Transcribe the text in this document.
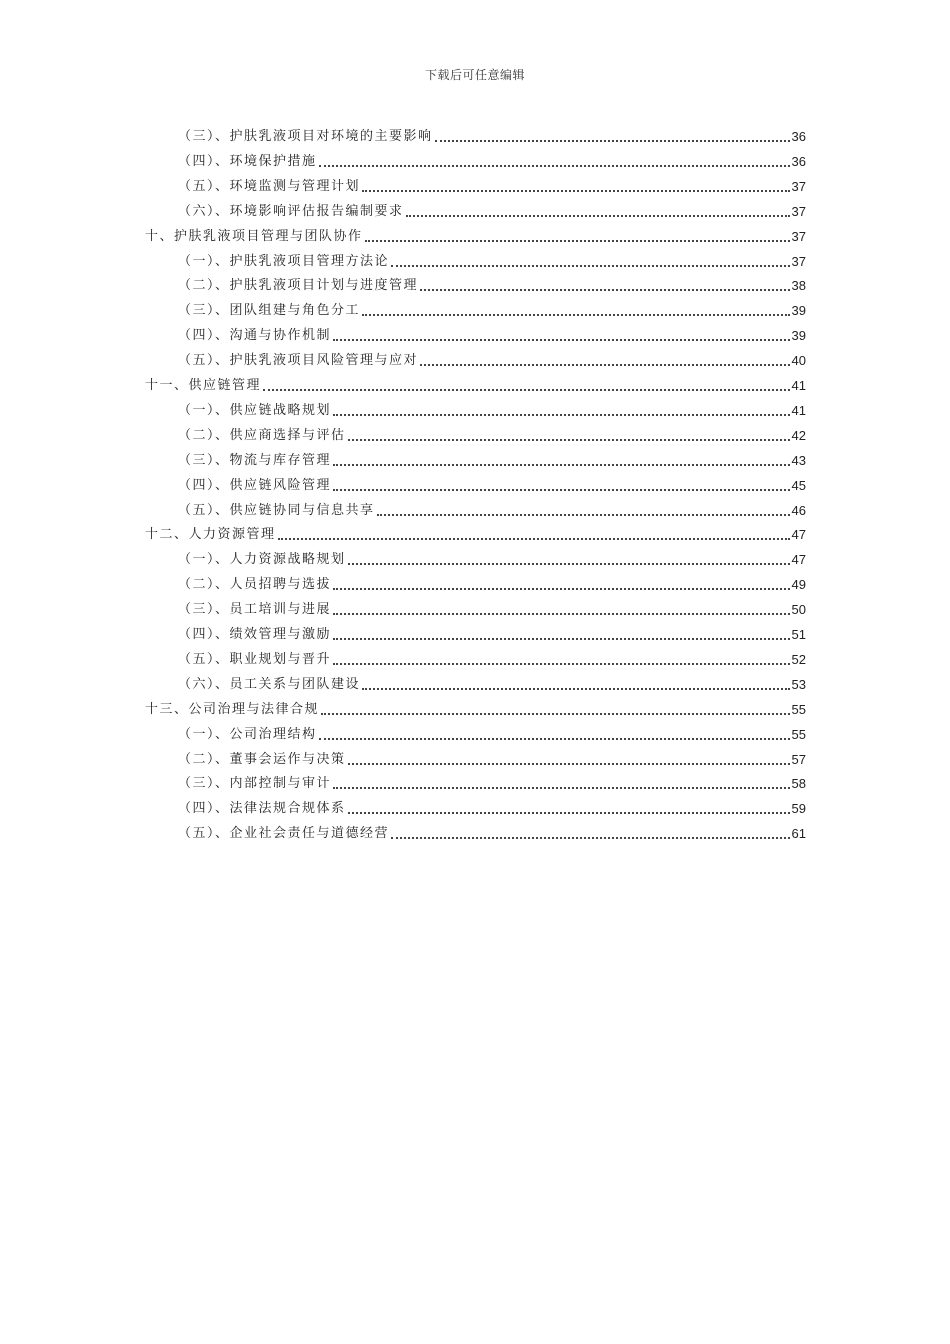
下载后可任意编辑
（三）、护肤乳液项目对环境的主要影响	36
（四）、环境保护措施	36
（五）、环境监测与管理计划	37
（六）、环境影响评估报告编制要求	37
十、护肤乳液项目管理与团队协作	37
（一）、护肤乳液项目管理方法论	37
（二）、护肤乳液项目计划与进度管理	38
（三）、团队组建与角色分工	39
（四）、沟通与协作机制	39
（五）、护肤乳液项目风险管理与应对	40
十一、供应链管理	41
（一）、供应链战略规划	41
（二）、供应商选择与评估	42
（三）、物流与库存管理	43
（四）、供应链风险管理	45
（五）、供应链协同与信息共享	46
十二、人力资源管理	47
（一）、人力资源战略规划	47
（二）、人员招聘与选拔	49
（三）、员工培训与进展	50
（四）、绩效管理与激励	51
（五）、职业规划与晋升	52
（六）、员工关系与团队建设	53
十三、公司治理与法律合规	55
（一）、公司治理结构	55
（二）、董事会运作与决策	57
（三）、内部控制与审计	58
（四）、法律法规合规体系	59
（五）、企业社会责任与道德经营	61
